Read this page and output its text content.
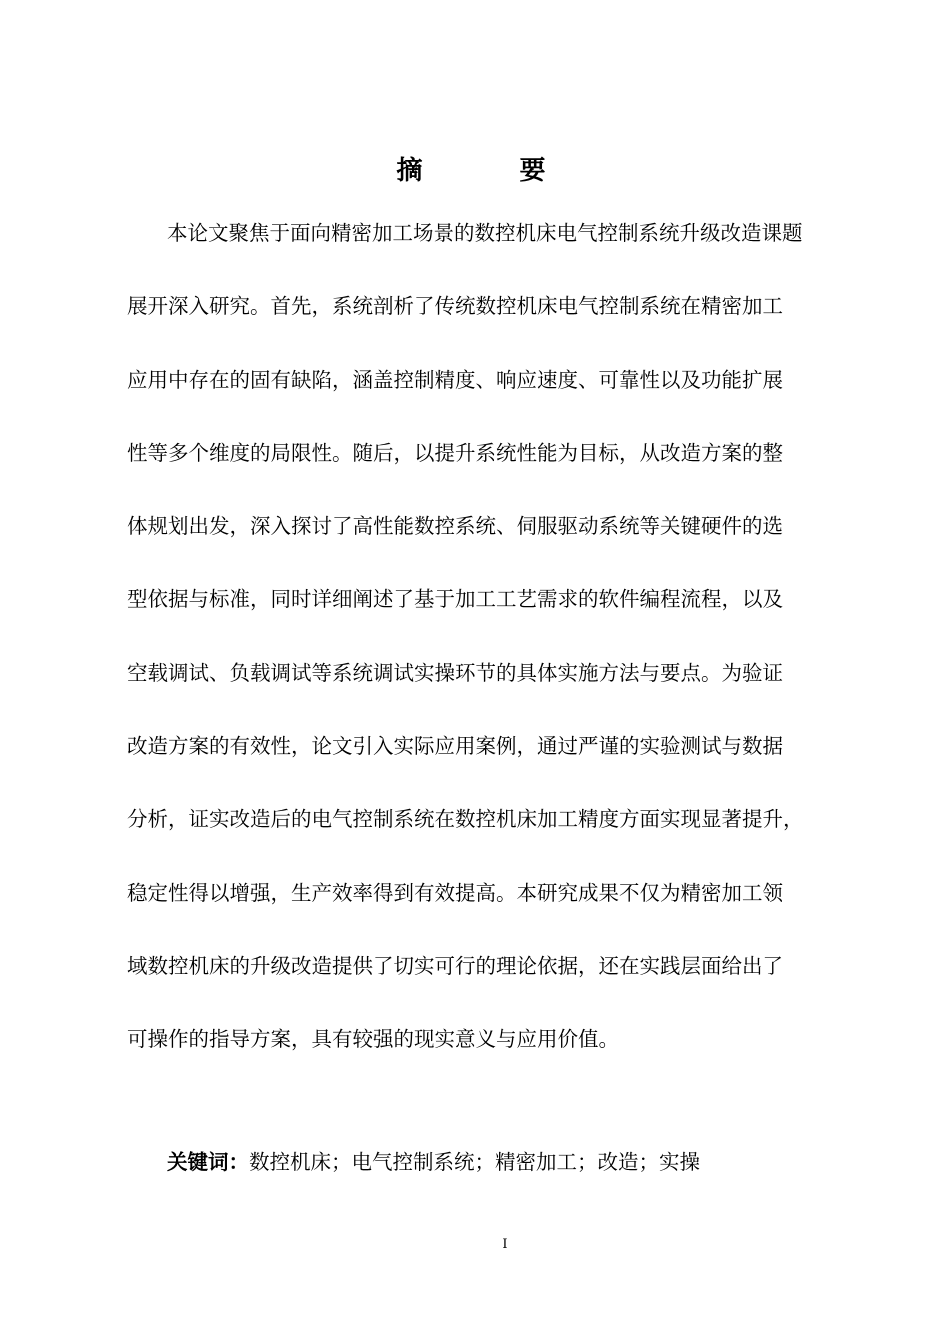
摘 要
本论文聚焦于面向精密加工场景的数控机床电气控制系统升级改造课题
展开深入研究。首先，系统剖析了传统数控机床电气控制系统在精密加工
应用中存在的固有缺陷，涵盖控制精度、响应速度、可靠性以及功能扩展
性等多个维度的局限性。随后，以提升系统性能为目标，从改造方案的整
体规划出发，深入探讨了高性能数控系统、伺服驱动系统等关键硬件的选
型依据与标准，同时详细阐述了基于加工工艺需求的软件编程流程，以及
空载调试、负载调试等系统调试实操环节的具体实施方法与要点。为验证
改造方案的有效性，论文引入实际应用案例，通过严谨的实验测试与数据
分析，证实改造后的电气控制系统在数控机床加工精度方面实现显著提升，
稳定性得以增强，生产效率得到有效提高。本研究成果不仅为精密加工领
域数控机床的升级改造提供了切实可行的理论依据，还在实践层面给出了
可操作的指导方案，具有较强的现实意义与应用价值。
关键词：数控机床；电气控制系统；精密加工；改造；实操
I
